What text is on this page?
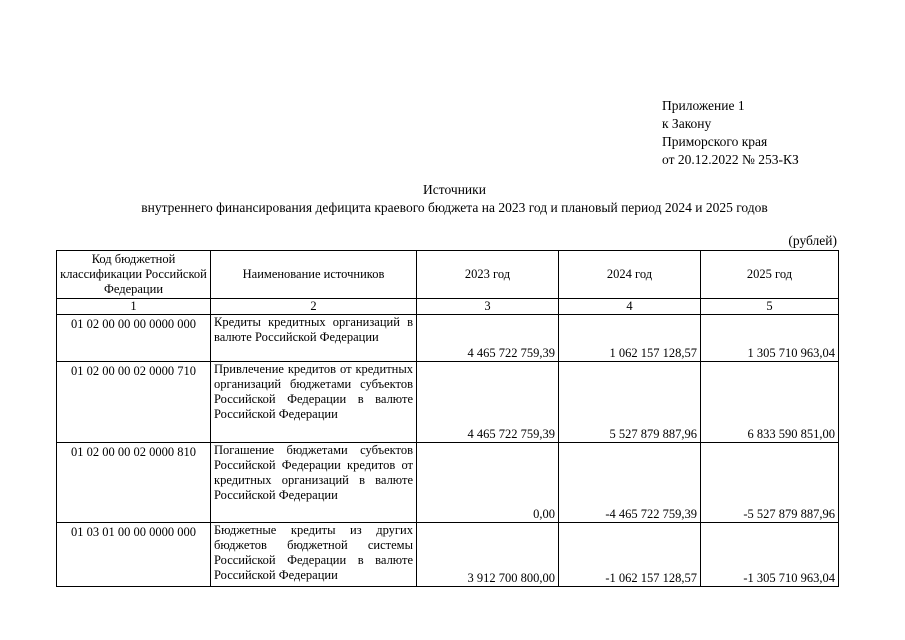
Приложение 1
к Закону
Приморского края
от 20.12.2022 № 253-КЗ
Источники
внутреннего финансирования дефицита краевого бюджета на 2023 год и плановый период 2024 и 2025 годов
(рублей)
Код бюджетной классификации Российской Федерации	Наименование источников	2023 год	2024 год	2025 год
1	2	3	4	5
01 02 00 00 00 0000 000	Кредиты кредитных организаций в валюте Российской Федерации	4 465 722 759,39	1 062 157 128,57	1 305 710 963,04
01 02 00 00 02 0000 710	Привлечение кредитов от кредитных организаций бюджетами субъектов Российской Федерации в валюте Российской Федерации	4 465 722 759,39	5 527 879 887,96	6 833 590 851,00
01 02 00 00 02 0000 810	Погашение бюджетами субъектов Российской Федерации кредитов от кредитных организаций в валюте Российской Федерации	0,00	-4 465 722 759,39	-5 527 879 887,96
01 03 01 00 00 0000 000	Бюджетные кредиты из других бюджетов бюджетной системы Российской Федерации в валюте Российской Федерации	3 912 700 800,00	-1 062 157 128,57	-1 305 710 963,04
